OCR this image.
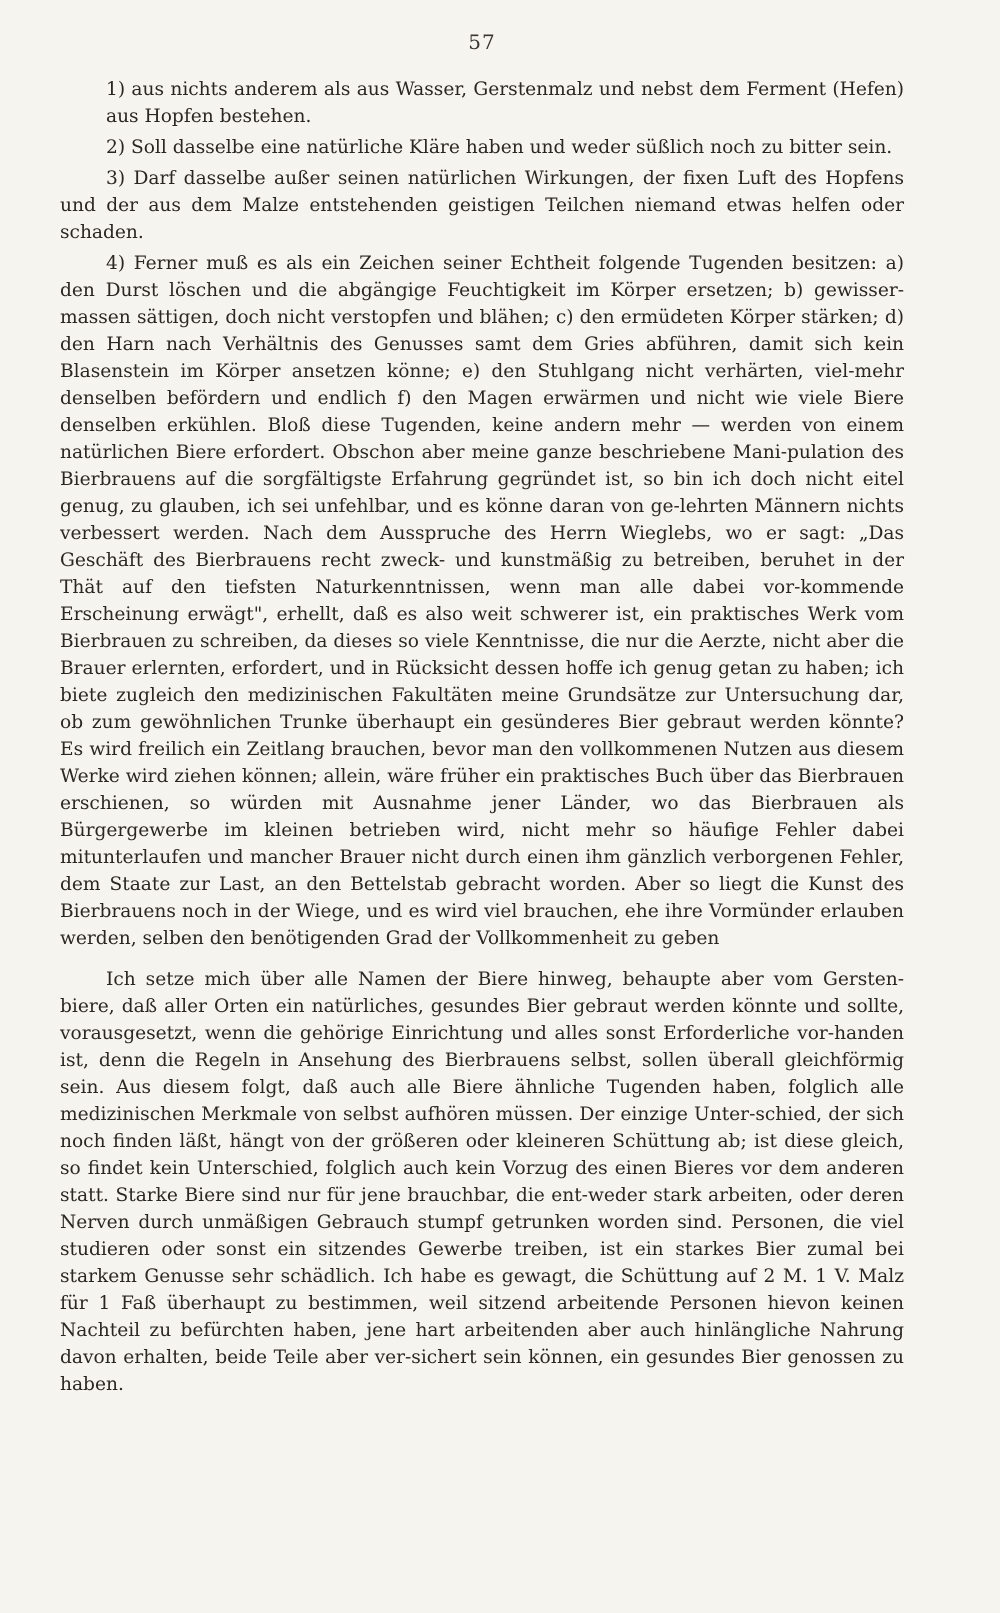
57

1) aus nichts anderem als aus Wasser, Gerstenmalz und nebst dem Ferment (Hefen) aus Hopfen bestehen.

2) Soll dasselbe eine natürliche Kläre haben und weder süßlich noch zu bitter sein.

3) Darf dasselbe außer seinen natürlichen Wirkungen, der fixen Luft des Hopfens und der aus dem Malze entstehenden geistigen Teilchen niemand etwas helfen oder schaden.

4) Ferner muß es als ein Zeichen seiner Echtheit folgende Tugenden besitzen: a) den Durst löschen und die abgängige Feuchtigkeit im Körper ersetzen; b) gewisser-massen sättigen, doch nicht verstopfen und blähen; c) den ermüdeten Körper stärken; d) den Harn nach Verhältnis des Genusses samt dem Gries abführen, damit sich kein Blasenstein im Körper ansetzen könne; e) den Stuhlgang nicht verhärten, viel-mehr denselben befördern und endlich f) den Magen erwärmen und nicht wie viele Biere denselben erkühlen. Bloß diese Tugenden, keine andern mehr — werden von einem natürlichen Biere erfordert. Obschon aber meine ganze beschriebene Mani-pulation des Bierbrauens auf die sorgfältigste Erfahrung gegründet ist, so bin ich doch nicht eitel genug, zu glauben, ich sei unfehlbar, und es könne daran von ge-lehrten Männern nichts verbessert werden. Nach dem Ausspruche des Herrn Wieglebs, wo er sagt: „Das Geschäft des Bierbrauens recht zweck- und kunstmäßig zu betreiben, beruhet in der Thät auf den tiefsten Naturkenntnissen, wenn man alle dabei vor-kommende Erscheinung erwägt", erhellt, daß es also weit schwerer ist, ein praktisches Werk vom Bierbrauen zu schreiben, da dieses so viele Kenntnisse, die nur die Aerzte, nicht aber die Brauer erlernten, erfordert, und in Rücksicht dessen hoffe ich genug getan zu haben; ich biete zugleich den medizinischen Fakultäten meine Grundsätze zur Untersuchung dar, ob zum gewöhnlichen Trunke überhaupt ein gesünderes Bier gebraut werden könnte? Es wird freilich ein Zeitlang brauchen, bevor man den vollkommenen Nutzen aus diesem Werke wird ziehen können; allein, wäre früher ein praktisches Buch über das Bierbrauen erschienen, so würden mit Ausnahme jener Länder, wo das Bierbrauen als Bürgergewerbe im kleinen betrieben wird, nicht mehr so häufige Fehler dabei mitunterlaufen und mancher Brauer nicht durch einen ihm gänzlich verborgenen Fehler, dem Staate zur Last, an den Bettelstab gebracht worden. Aber so liegt die Kunst des Bierbrauens noch in der Wiege, und es wird viel brauchen, ehe ihre Vormünder erlauben werden, selben den benötigenden Grad der Vollkommenheit zu geben

Ich setze mich über alle Namen der Biere hinweg, behaupte aber vom Gersten-biere, daß aller Orten ein natürliches, gesundes Bier gebraut werden könnte und sollte, vorausgesetzt, wenn die gehörige Einrichtung und alles sonst Erforderliche vor-handen ist, denn die Regeln in Ansehung des Bierbrauens selbst, sollen überall gleichförmig sein. Aus diesem folgt, daß auch alle Biere ähnliche Tugenden haben, folglich alle medizinischen Merkmale von selbst aufhören müssen. Der einzige Unter-schied, der sich noch finden läßt, hängt von der größeren oder kleineren Schüttung ab; ist diese gleich, so findet kein Unterschied, folglich auch kein Vorzug des einen Bieres vor dem anderen statt. Starke Biere sind nur für jene brauchbar, die ent-weder stark arbeiten, oder deren Nerven durch unmäßigen Gebrauch stumpf getrunken worden sind. Personen, die viel studieren oder sonst ein sitzendes Gewerbe treiben, ist ein starkes Bier zumal bei starkem Genusse sehr schädlich. Ich habe es gewagt, die Schüttung auf 2 M. 1 V. Malz für 1 Faß überhaupt zu bestimmen, weil sitzend arbeitende Personen hievon keinen Nachteil zu befürchten haben, jene hart arbeitenden aber auch hinlängliche Nahrung davon erhalten, beide Teile aber ver-sichert sein können, ein gesundes Bier genossen zu haben.
